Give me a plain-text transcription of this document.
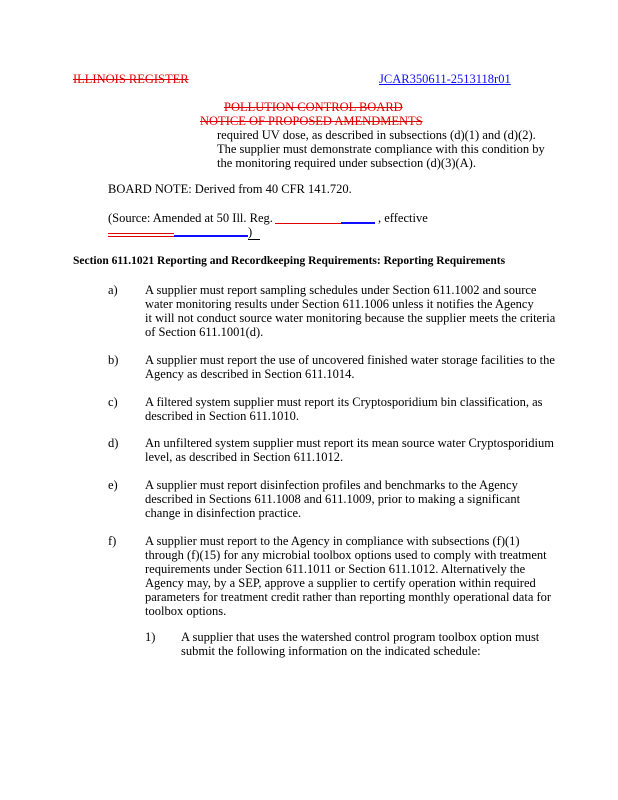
ILLINOIS REGISTER	JCAR350611-2513118r01
POLLUTION CONTROL BOARD
NOTICE OF PROPOSED AMENDMENTS
required UV dose, as described in subsections (d)(1) and (d)(2).
The supplier must demonstrate compliance with this condition by
the monitoring required under subsection (d)(3)(A).
BOARD NOTE: Derived from 40 CFR 141.720.
(Source: Amended at 50 Ill. Reg.	, effective
)
Section 611.1021 Reporting and Recordkeeping Requirements: Reporting Requirements
a) A supplier must report sampling schedules under Section 611.1002 and source
water monitoring results under Section 611.1006 unless it notifies the Agency
it will not conduct source water monitoring because the supplier meets the criteria
of Section 611.1001(d).
b) A supplier must report the use of uncovered finished water storage facilities to the
Agency as described in Section 611.1014.
c) A filtered system supplier must report its Cryptosporidium bin classification, as
described in Section 611.1010.
d) An unfiltered system supplier must report its mean source water Cryptosporidium
level, as described in Section 611.1012.
e) A supplier must report disinfection profiles and benchmarks to the Agency
described in Sections 611.1008 and 611.1009, prior to making a significant
change in disinfection practice.
f) A supplier must report to the Agency in compliance with subsections (f)(1)
through (f)(15) for any microbial toolbox options used to comply with treatment
requirements under Section 611.1011 or Section 611.1012. Alternatively the
Agency may, by a SEP, approve a supplier to certify operation within required
parameters for treatment credit rather than reporting monthly operational data for
toolbox options.
1) A supplier that uses the watershed control program toolbox option must
submit the following information on the indicated schedule:
